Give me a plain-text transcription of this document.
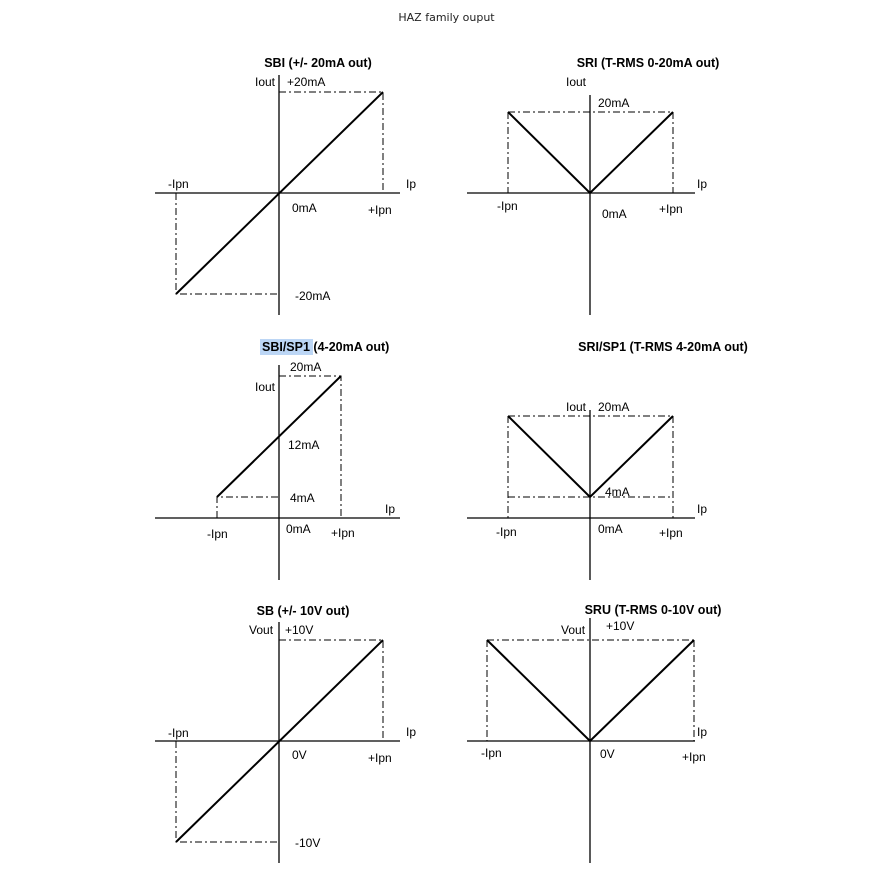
HAZ family ouput
SBI (+/- 20mA out)
Iout +20mA
-Ipn	Ip
0mA	+Ipn
-20mA
SRI (T-RMS 0-20mA out)
Iout
20mA
-Ipn
Ip
0mA	+Ipn
SBI/SP1 (4-20mA out)
20mA
Iout
12mA
4mA
Ip
0mA
-Ipn	+Ipn
SRI/SP1 (T-RMS 4-20mA out)
Iout 20mA
4mA
Ip
-Ipn	0mA	+Ipn
SB (+/- 10V out)
Vout +10V
-Ipn	Ip
0V	+Ipn
-10V
SRU (T-RMS 0-10V out)
Vout +10V
-Ipn	0V
Ip
+Ipn
